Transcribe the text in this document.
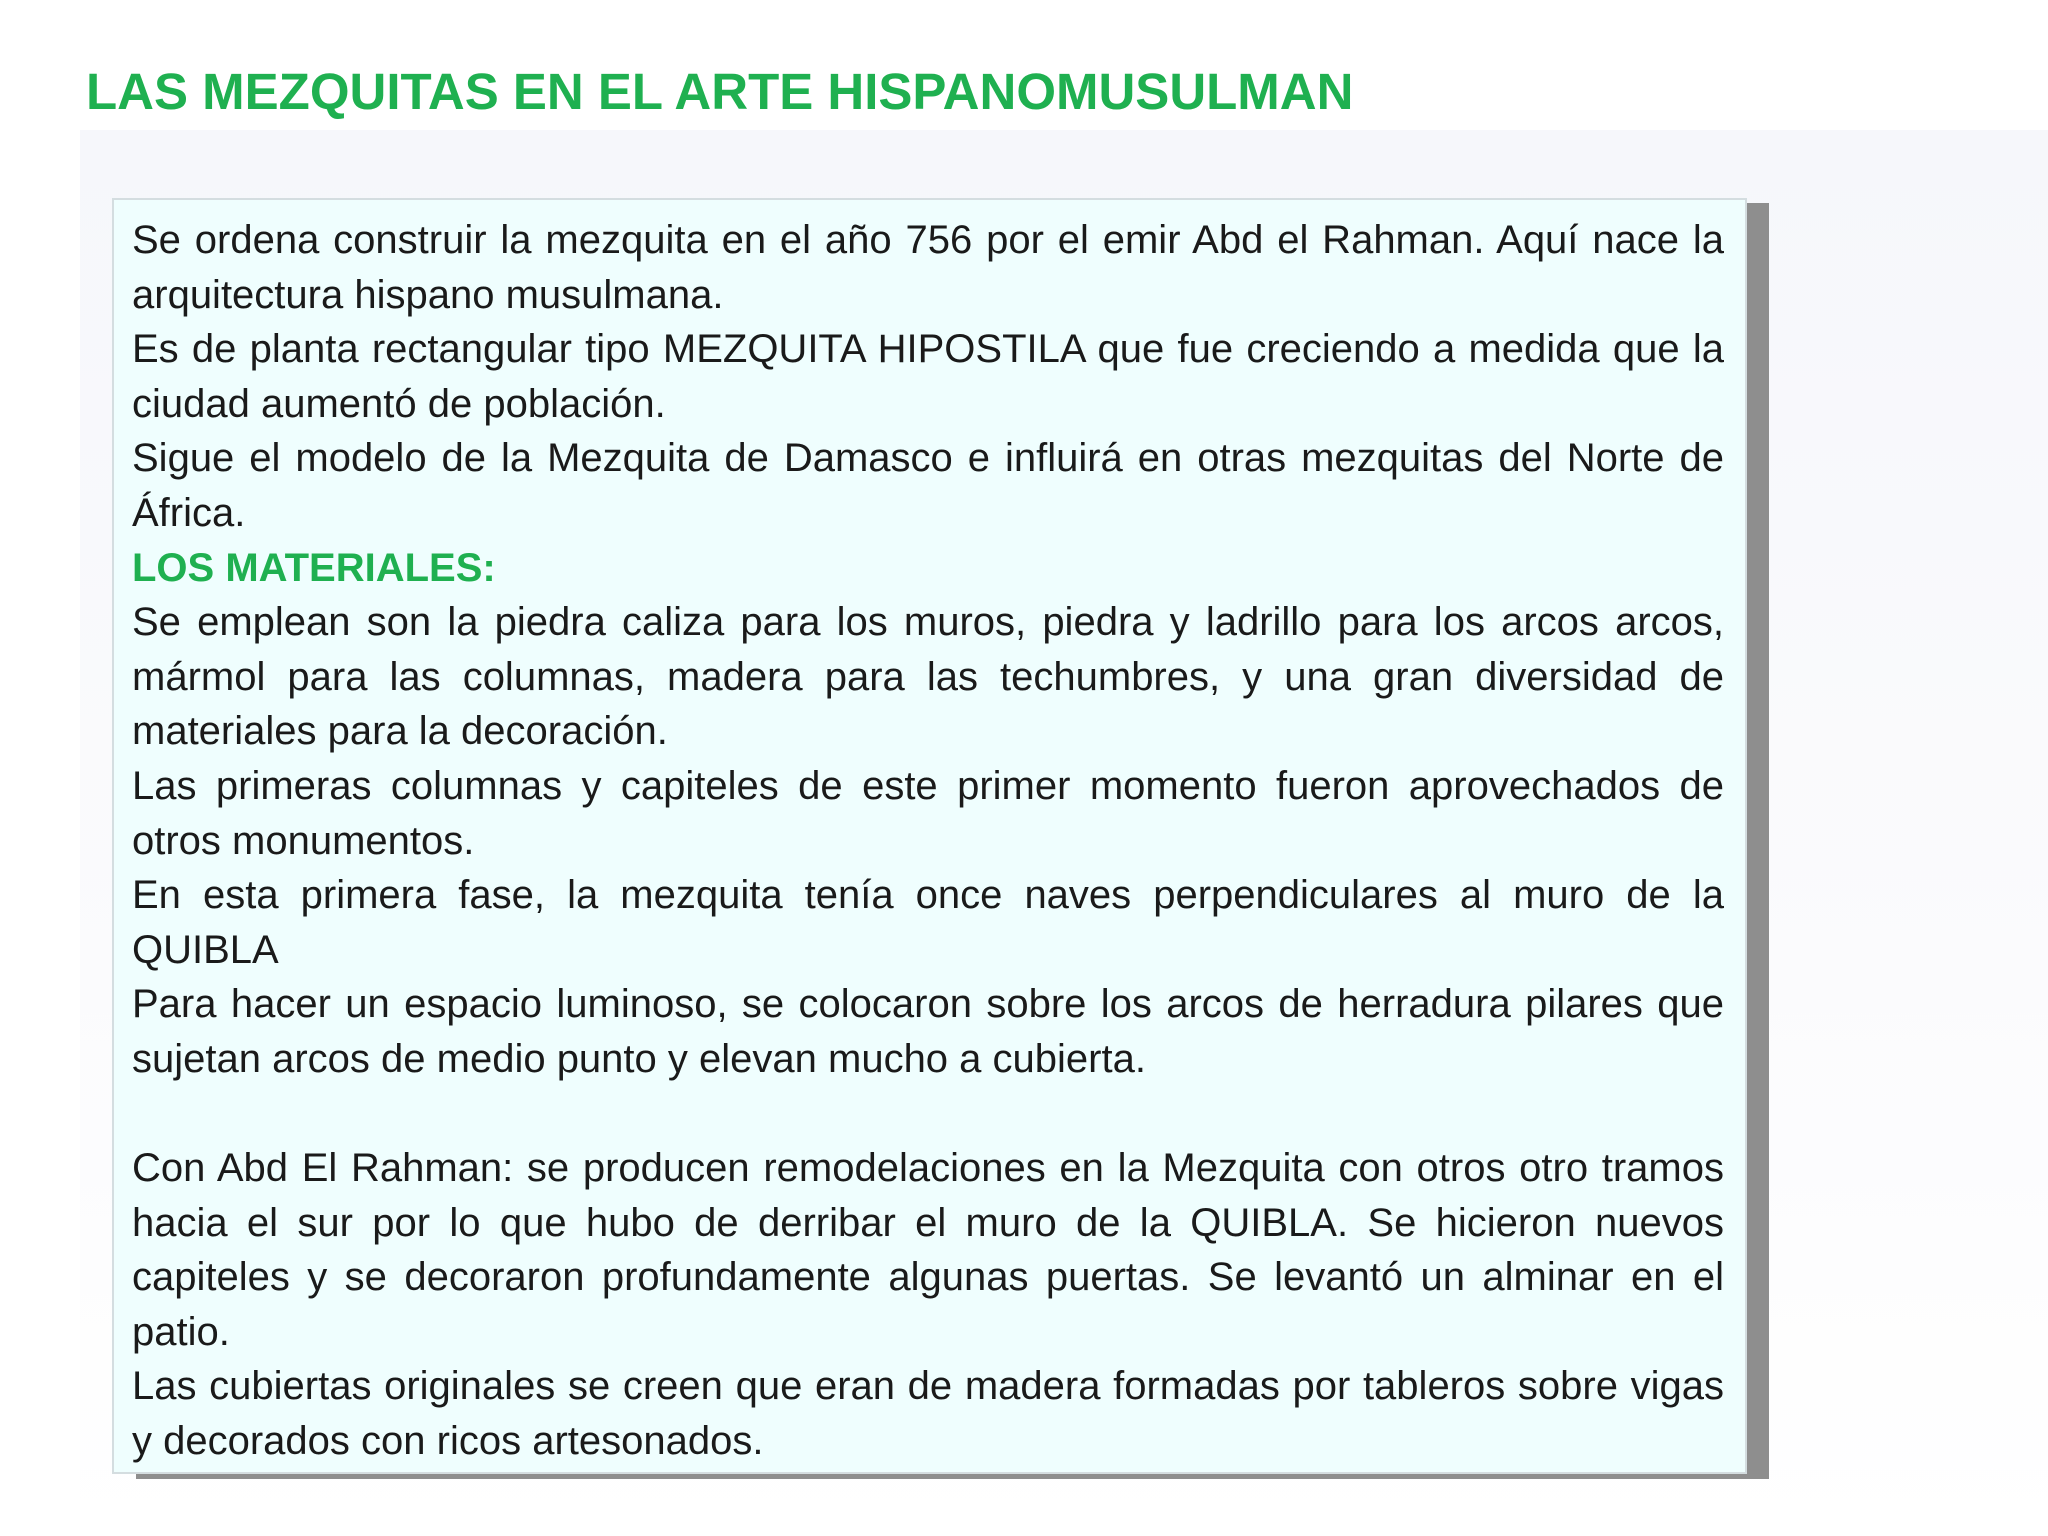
LAS MEZQUITAS EN EL ARTE HISPANOMUSULMAN

Se ordena construir la mezquita en el año 756 por el emir Abd el Rahman. Aquí nace la arquitectura hispano musulmana.

Es de planta rectangular tipo MEZQUITA HIPOSTILA que fue creciendo a medida que la ciudad aumentó de población.

Sigue el modelo de la Mezquita de Damasco e influirá en otras mezquitas del Norte de África.

LOS MATERIALES:

Se emplean son la piedra caliza para los muros, piedra y ladrillo para los arcos arcos, mármol para las columnas, madera para las techumbres, y una gran diversidad de materiales para la decoración.

Las primeras columnas y capiteles de este primer momento fueron aprovechados de otros monumentos.

En esta primera fase, la mezquita tenía once naves perpendiculares al muro de la QUIBLA

Para hacer un espacio luminoso, se colocaron sobre los arcos de herradura pilares que sujetan arcos de medio punto y elevan mucho a cubierta.

Con Abd El Rahman: se producen remodelaciones en la Mezquita con otros otro tramos hacia el sur por lo que hubo de derribar el muro de la QUIBLA. Se hicieron nuevos capiteles y se decoraron profundamente algunas puertas. Se levantó un alminar en el patio.

Las cubiertas originales se creen que eran de madera formadas por tableros sobre vigas y decorados con ricos artesonados.
